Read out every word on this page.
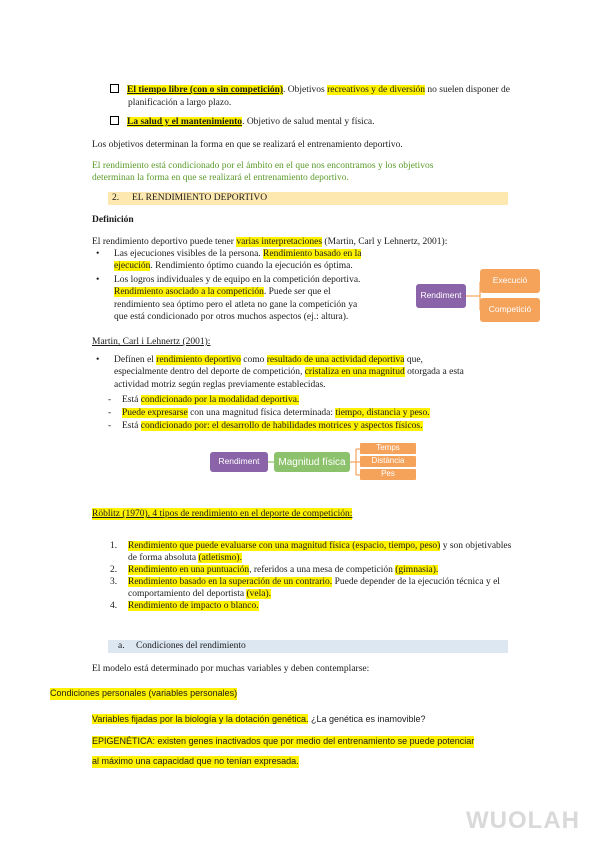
El tiempo libre (con o sin competición). Objetivos recreativos y de diversión no suelen disponer de
planificación a largo plazo.
La salud y el mantenimiento. Objetivo de salud mental y física.
Los objetivos determinan la forma en que se realizará el entrenamiento deportivo.
El rendimiento está condicionado por el ámbito en el que nos encontramos y los objetivos
determinan la forma en que se realizará el entrenamiento deportivo.
2. EL RENDIMIENTO DEPORTIVO
Definición
El rendimiento deportivo puede tener varias interpretaciones (Martin, Carl y Lehnertz, 2001):
• Las ejecuciones visibles de la persona. Rendimiento basado en la
ejecución. Rendimiento óptimo cuando la ejecución es óptima.
• Los logros individuales y de equipo en la competición deportiva.
Rendimiento asociado a la competición. Puede ser que el
rendimiento sea óptimo pero el atleta no gane la competición ya
que está condicionado por otros muchos aspectos (ej.: altura).
Rendiment
Execució
Competició
Martin, Carl i Lehnertz (2001):
• Defínen el rendimiento deportivo como resultado de una actividad deportiva que,
especialmente dentro del deporte de competición, cristaliza en una magnitud otorgada a esta
actividad motriz según reglas previamente establecidas.
- Está condicionado por la modalidad deportiva.
- Puede expresarse con una magnitud física determinada: tiempo, distancia y peso.
- Está condicionado por: el desarrollo de habilidades motrices y aspectos físicos.
Rendiment	Magnitud física
Temps
Distància
Pes
Röblitz (1970), 4 tipos de rendimiento en el deporte de competición:
1. Rendimiento que puede evaluarse con una magnitud física (espacio, tiempo, peso) y son objetivables
de forma absoluta (atletismo).
2. Rendimiento en una puntuación, referidos a una mesa de competición (gimnasia).
3. Rendimiento basado en la superación de un contrario. Puede depender de la ejecución técnica y el
comportamiento del deportista (vela).
4. Rendimiento de impacto o blanco.
a. Condiciones del rendimiento
El modelo está determinado por muchas variables y deben contemplarse:
Condiciones personales (variables personales)
Variables fijadas por la biología y la dotación genética. ¿La genética es inamovible?
EPIGENÉTICA: existen genes inactivados que por medio del entrenamiento se puede potenciar
al máximo una capacidad que no tenían expresada.
WUOLAH
